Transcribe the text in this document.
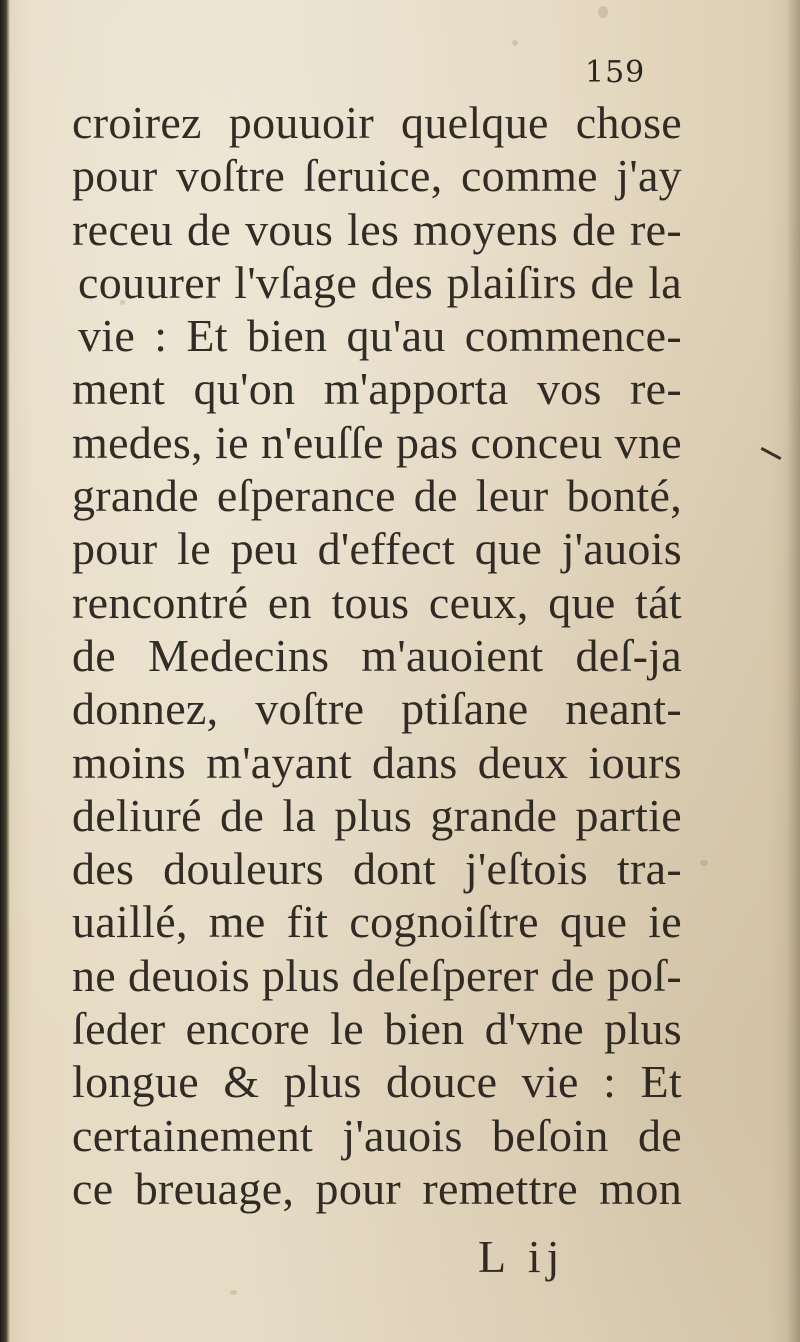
159
croirez pouuoir quelque chose
pour voſtre ſeruice, comme j'ay
receu de vous les moyens de re-
couurer l'vſage des plaiſirs de la
vie : Et bien qu'au commence-
ment qu'on m'apporta vos re-
medes, ie n'euſſe pas conceu vne
grande eſperance de leur bonté,
pour le peu d'effect que j'auois
rencontré en tous ceux, que tát
de Medecins m'auoient deſ-ja
donnez, voſtre ptiſane neant-
moins m'ayant dans deux iours
deliuré de la plus grande partie
des douleurs dont j'eſtois tra-
uaillé, me fit cognoiſtre que ie
ne deuois plus deſeſperer de poſ-
ſeder encore le bien d'vne plus
longue & plus douce vie : Et
certainement j'auois beſoin de
ce breuage, pour remettre mon
L ij
